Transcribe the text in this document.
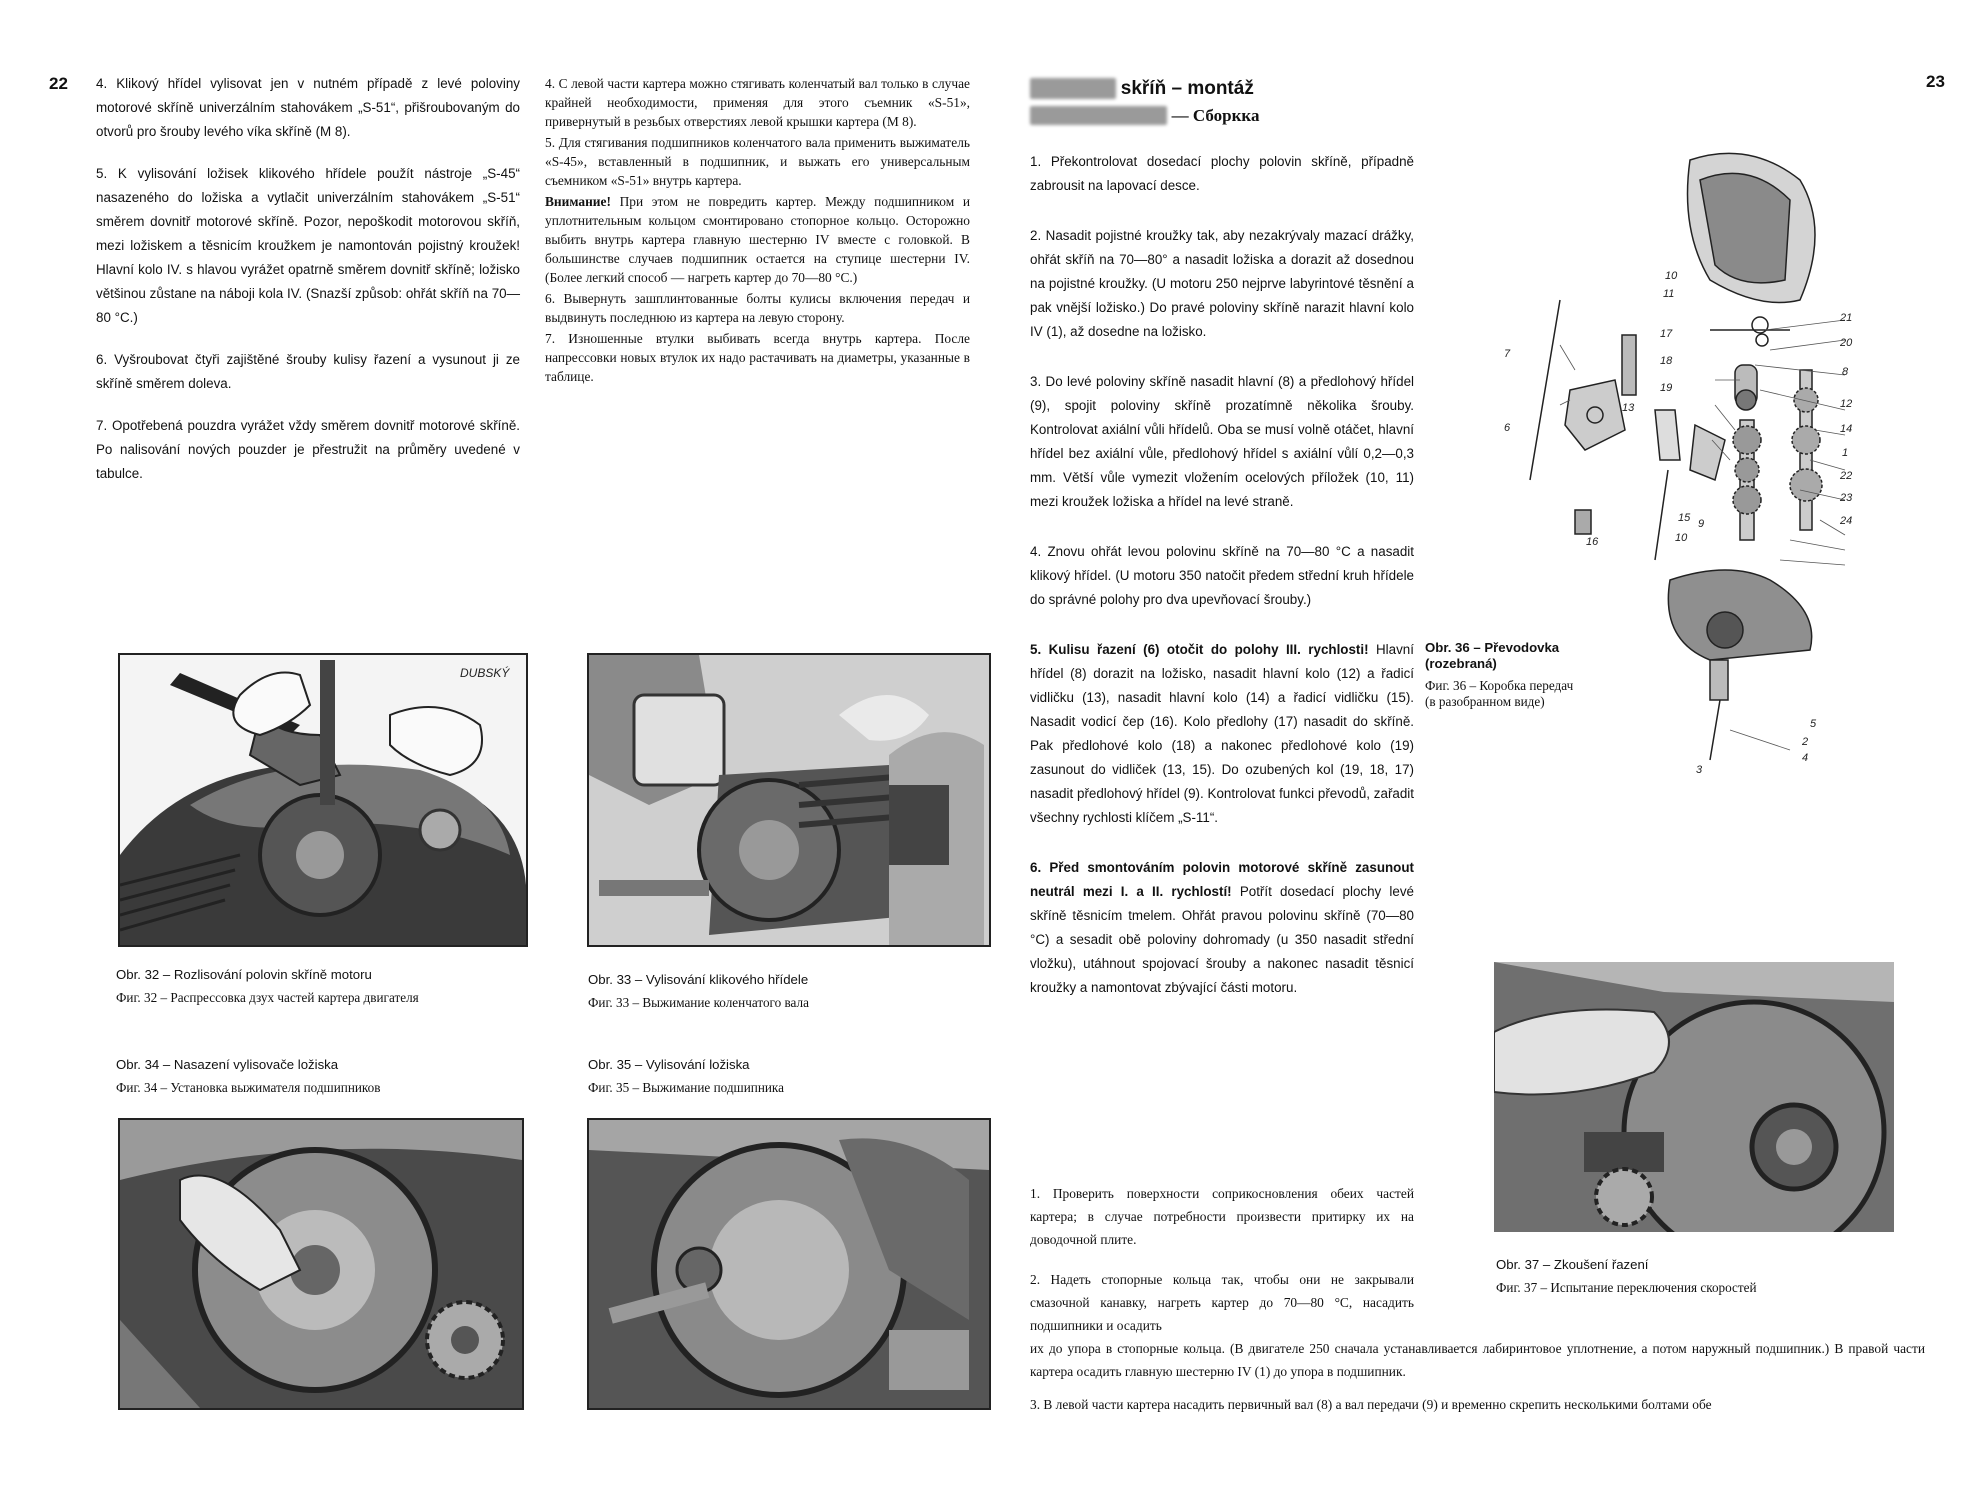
22 4. Klikový hřídel vylisovat jen v nutném případě z levé poloviny motorové skříně univerzálním stahovákem „S-51“, přišroubovaným do otvorů pro šrouby levého víka skříně (M 8).

5. K vylisování ložisek klikového hřídele použít nástroje „S-45“ nasazeného do ložiska a vytlačit univerzálním stahovákem „S-51“ směrem dovnitř motorové skříně. Pozor, nepoškodit motorovou skříň, mezi ložiskem a těsnicím kroužkem je namontován pojistný kroužek! Hlavní kolo IV. s hlavou vyrážet opatrně směrem dovnitř skříně; ložisko většinou zůstane na náboji kola IV. (Snazší způsob: ohřát skříň na 70—80 °C.)

6. Vyšroubovat čtyři zajištěné šrouby kulisy řazení a vysunout ji ze skříně směrem doleva.

7. Opotřebená pouzdra vyrážet vždy směrem dovnitř motorové skříně. Po nalisování nových pouzder je přestružit na průměry uvedené v tabulce.

4. С левой части картера можно стягивать коленчатый вал только в случае крайней необходимости, применяя для этого съемник «S-51», привернутый в резьбых отверстиях левой крышки картера (M 8).

5. Для стягивания подшипников коленчатого вала применить выжиматель «S-45», вставленный в подшипник, и выжать его универсальным съемником «S-51» внутрь картера.

Внимание! При этом не повредить картер. Между подшипником и уплотнительным кольцом смонтировано стопорное кольцо. Осторожно выбить внутрь картера главную шестерню IV вместе с головкой. В большинстве случаев подшипник остается на ступице шестерни IV. (Более легкий способ — нагреть картер до 70—80 °C.)

6. Вывернуть зашплинтованные болты кулисы включения передач и выдвинуть последнюю из картера на левую сторону.

7. Изношенные втулки выбивать всегда внутрь картера. После напрессовки новых втулок их надо растачивать на диаметры, указанные в таблице.

DUBSKÝ
Obr. 32 – Rozlisování polovin skříně motoru
Фиг. 32 – Распрессовка дзух частей картера двигателя
Obr. 33 – Vylisování klikového hřídele
Фиг. 33 – Выжимание коленчатого вала
Obr. 34 – Nasazení vylisovače ložiska
Фиг. 34 – Установка выжимателя подшипников
Obr. 35 – Vylisování ložiska
Фиг. 35 – Выжимание подшипника
23
skříň – montáž
— Сборкка

1. Překontrolovat dosedací plochy polovin skříně, případně zabrousit na lapovací desce.

2. Nasadit pojistné kroužky tak, aby nezakrývaly mazací drážky, ohřát skříň na 70—80° a nasadit ložiska a dorazit až dosednou na pojistné kroužky. (U motoru 250 nejprve labyrintové těsnění a pak vnější ložisko.) Do pravé poloviny skříně narazit hlavní kolo IV (1), až dosedne na ložisko.

3. Do levé poloviny skříně nasadit hlavní (8) a předlohový hřídel (9), spojit poloviny skříně prozatímně několika šrouby. Kontrolovat axiální vůli hřídelů. Oba se musí volně otáčet, hlavní hřídel bez axiální vůle, předlohový hřídel s axiální vůlí 0,2—0,3 mm. Větší vůle vymezit vložením ocelových příložek (10, 11) mezi kroužek ložiska a hřídel na levé straně.

4. Znovu ohřát levou polovinu skříně na 70—80 °C a nasadit klikový hřídel. (U motoru 350 natočit předem střední kruh hřídele do správné polohy pro dva upevňovací šrouby.)

5. Kulisu řazení (6) otočit do polohy III. rychlosti! Hlavní hřídel (8) dorazit na ložisko, nasadit hlavní kolo (12) a řadicí vidličku (13), nasadit hlavní kolo (14) a řadicí vidličku (15). Nasadit vodicí čep (16). Kolo předlohy (17) nasadit do skříně. Pak předlohové kolo (18) a nakonec předlohové kolo (19) zasunout do vidliček (13, 15). Do ozubených kol (19, 18, 17) nasadit předlohový hřídel (9). Kontrolovat funkci převodů, zařadit všechny rychlosti klíčem „S-11“.

6. Před smontováním polovin motorové skříně zasunout neutrál mezi I. a II. rychlostí! Potřít dosedací plochy levé skříně těsnicím tmelem. Ohřát pravou polovinu skříně (70—80 °C) a sesadit obě poloviny dohromady (u 350 nasadit střední vložku), utáhnout spojovací šrouby a nakonec nasadit těsnicí kroužky a namontovat zbývající části motoru.

10
11
21
20
8
12
14
1
22
23
24
13
17
18
19
7
6
16
15 9
10
5
2
4
3
Obr. 36 – Převodovka
(rozebraná)
Фиг. 36 – Коробка передач
(в разобранном виде)
Obr. 37 – Zkoušení řazení
Фиг. 37 – Испытание переключения скоростей
1. Проверить поверхности соприкосновления обеих частей картера; в случае потребности произвести притирку их на доводочной плите.
2. Надеть стопорные кольца так, чтобы они не закрывали смазочной канавку, нагреть картер до 70—80 °C, насадить подшипники и осадить
их до упора в стопорные кольца. (В двигателе 250 сначала устанавливается лабиринтовое уплотнение, а потом наружный подшипник.) В правой части картера осадить главную шестерню IV (1) до упора в подшипник.
3. В левой части картера насадить первичный вал (8) а вал передачи (9) и временно скрепить несколькими болтами обе
